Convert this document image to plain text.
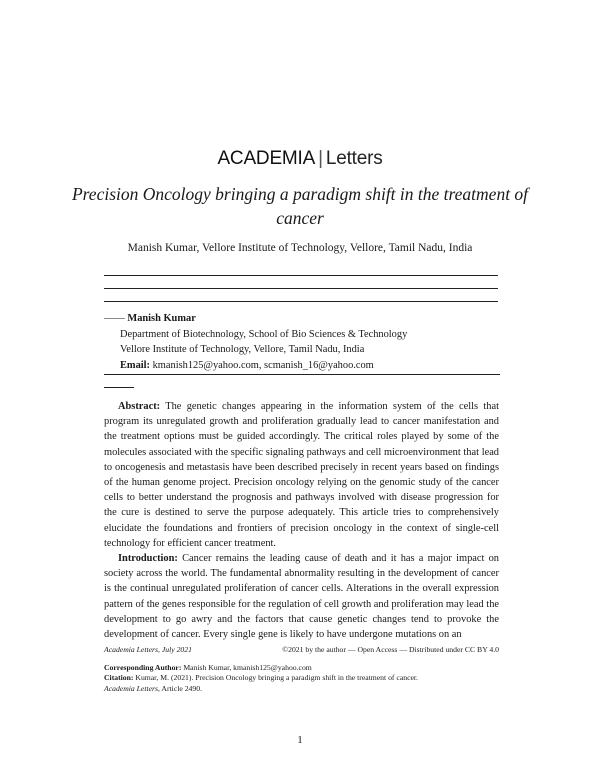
ACADEMIA | Letters
Precision Oncology bringing a paradigm shift in the treatment of cancer
Manish Kumar, Vellore Institute of Technology, Vellore, Tamil Nadu, India
—— Manish Kumar
Department of Biotechnology, School of Bio Sciences & Technology
Vellore Institute of Technology, Vellore, Tamil Nadu, India
Email: kmanish125@yahoo.com, scmanish_16@yahoo.com

Abstract: The genetic changes appearing in the information system of the cells that program its unregulated growth and proliferation gradually lead to cancer manifestation and the treatment options must be guided accordingly. The critical roles played by some of the molecules associated with the specific signaling pathways and cell microenvironment that lead to oncogenesis and metastasis have been described precisely in recent years based on findings of the human genome project. Precision oncology relying on the genomic study of the cancer cells to better understand the prognosis and pathways involved with disease progression for the cure is destined to serve the purpose adequately. This article tries to comprehensively elucidate the foundations and frontiers of precision oncology in the context of single-cell technology for efficient cancer treatment.

Introduction: Cancer remains the leading cause of death and it has a major impact on society across the world. The fundamental abnormality resulting in the development of cancer is the continual unregulated proliferation of cancer cells. Alterations in the overall expression pattern of the genes responsible for the regulation of cell growth and proliferation may lead the development to go awry and the factors that cause genetic changes tend to provoke the development of cancer. Every single gene is likely to have undergone mutations on an

Academia Letters, July 2021	©2021 by the author — Open Access — Distributed under CC BY 4.0
Corresponding Author: Manish Kumar, kmanish125@yahoo.com
Citation: Kumar, M. (2021). Precision Oncology bringing a paradigm shift in the treatment of cancer.
Academia Letters, Article 2490.
1
